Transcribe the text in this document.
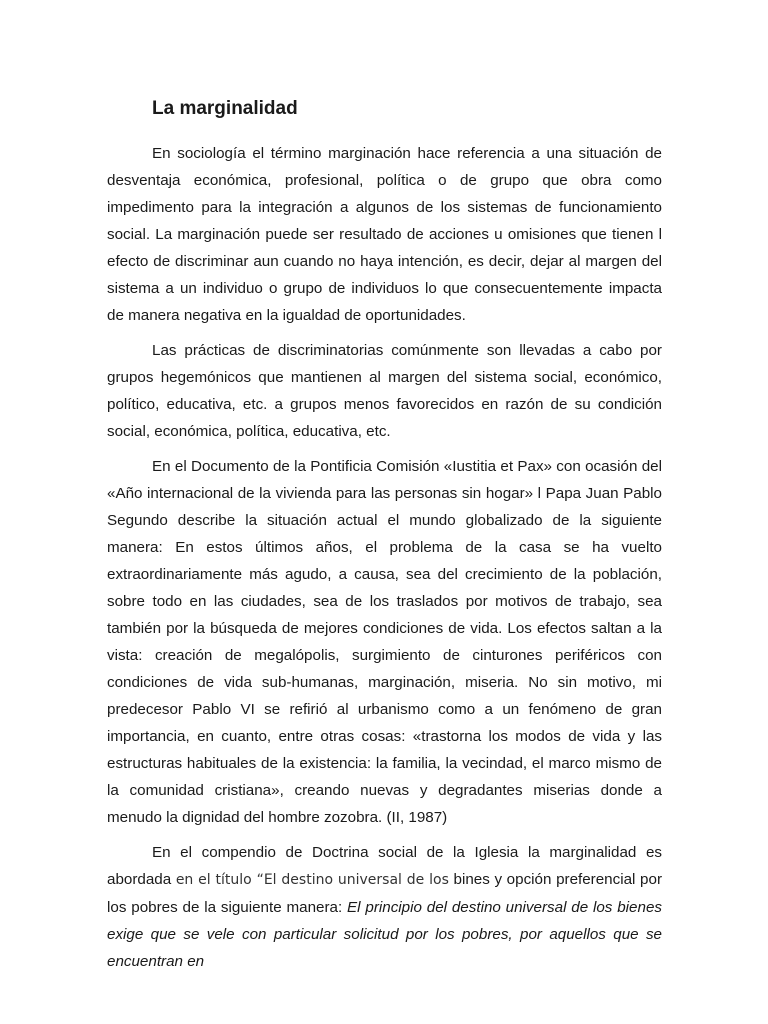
La marginalidad

En sociología el término marginación hace referencia a una situación de desventaja económica, profesional, política o de grupo que obra como impedimento para la integración a algunos de los sistemas de funcionamiento social. La marginación puede ser resultado de acciones u omisiones que tienen l efecto de discriminar aun cuando no haya intención, es decir, dejar al margen del sistema a un individuo o grupo de individuos lo que consecuentemente impacta de manera negativa en la igualdad de oportunidades.

Las prácticas de discriminatorias comúnmente son llevadas a cabo por grupos hegemónicos que mantienen al margen del sistema social, económico, político, educativa, etc. a grupos menos favorecidos en razón de su condición social, económica, política, educativa, etc.

En el Documento de la Pontificia Comisión «Iustitia et Pax» con ocasión del «Año internacional de la vivienda para las personas sin hogar» l Papa Juan Pablo Segundo describe la situación actual el mundo globalizado de la siguiente manera: En estos últimos años, el problema de la casa se ha vuelto extraordinariamente más agudo, a causa, sea del crecimiento de la población, sobre todo en las ciudades, sea de los traslados por motivos de trabajo, sea también por la búsqueda de mejores condiciones de vida. Los efectos saltan a la vista: creación de megalópolis, surgimiento de cinturones periféricos con condiciones de vida sub-humanas, marginación, miseria. No sin motivo, mi predecesor Pablo VI se refirió al urbanismo como a un fenómeno de gran importancia, en cuanto, entre otras cosas: «trastorna los modos de vida y las estructuras habituales de la existencia: la familia, la vecindad, el marco mismo de la comunidad cristiana», creando nuevas y degradantes miserias donde a menudo la dignidad del hombre zozobra. (II, 1987)

En el compendio de Doctrina social de la Iglesia la marginalidad es abordada en el título “El destino universal de los bines y opción preferencial por los pobres de la siguiente manera: El principio del destino universal de los bienes exige que se vele con particular solicitud por los pobres, por aquellos que se encuentran en
